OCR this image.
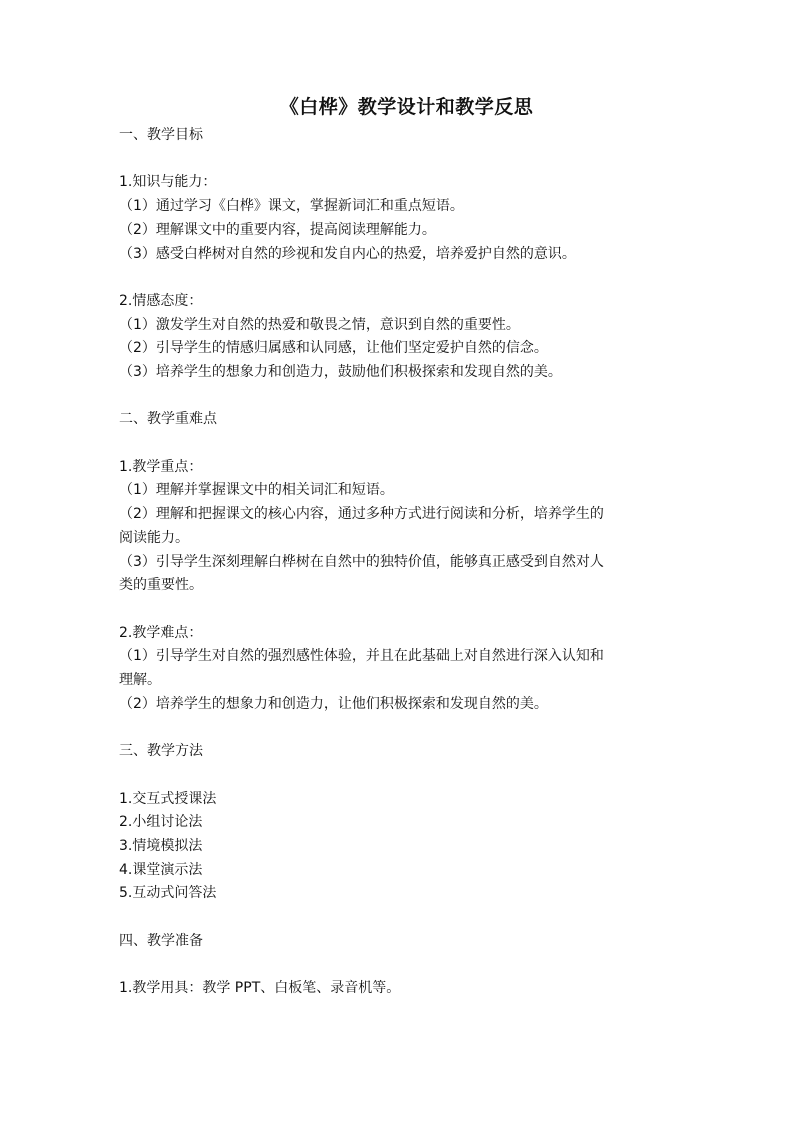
《白桦》教学设计和教学反思
一、教学目标
1.知识与能力：
（1）通过学习《白桦》课文，掌握新词汇和重点短语。
（2）理解课文中的重要内容，提高阅读理解能力。
（3）感受白桦树对自然的珍视和发自内心的热爱，培养爱护自然的意识。
2.情感态度：
（1）激发学生对自然的热爱和敬畏之情，意识到自然的重要性。
（2）引导学生的情感归属感和认同感，让他们坚定爱护自然的信念。
（3）培养学生的想象力和创造力，鼓励他们积极探索和发现自然的美。
二、教学重难点
1.教学重点：
（1）理解并掌握课文中的相关词汇和短语。
（2）理解和把握课文的核心内容，通过多种方式进行阅读和分析，培养学生的
阅读能力。
（3）引导学生深刻理解白桦树在自然中的独特价值，能够真正感受到自然对人
类的重要性。
2.教学难点：
（1）引导学生对自然的强烈感性体验，并且在此基础上对自然进行深入认知和
理解。
（2）培养学生的想象力和创造力，让他们积极探索和发现自然的美。
三、教学方法
1.交互式授课法
2.小组讨论法
3.情境模拟法
4.课堂演示法
5.互动式问答法
四、教学准备
1.教学用具：教学 PPT、白板笔、录音机等。
